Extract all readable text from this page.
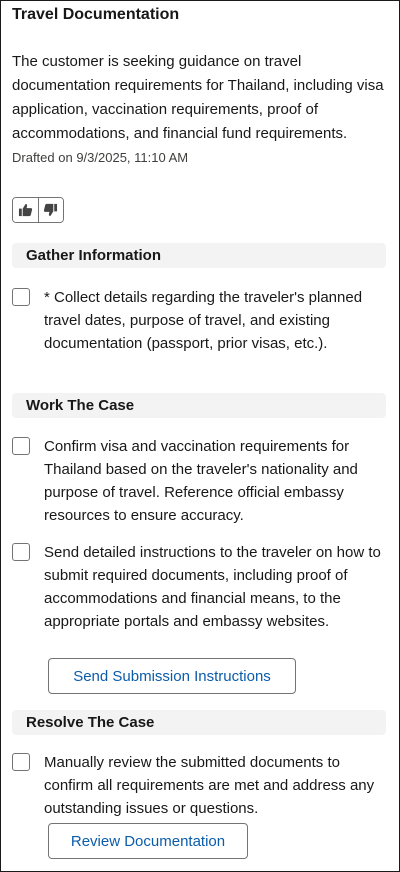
Travel Documentation
The customer is seeking guidance on travel documentation requirements for Thailand, including visa application, vaccination requirements, proof of accommodations, and financial fund requirements.
Drafted on 9/3/2025, 11:10 AM
Gather Information
* Collect details regarding the traveler's planned travel dates, purpose of travel, and existing documentation (passport, prior visas, etc.).
Work The Case
Confirm visa and vaccination requirements for Thailand based on the traveler's nationality and purpose of travel. Reference official embassy resources to ensure accuracy.
Send detailed instructions to the traveler on how to submit required documents, including proof of accommodations and financial means, to the appropriate portals and embassy websites.
Send Submission Instructions
Resolve The Case
Manually review the submitted documents to confirm all requirements are met and address any outstanding issues or questions.
Review Documentation
